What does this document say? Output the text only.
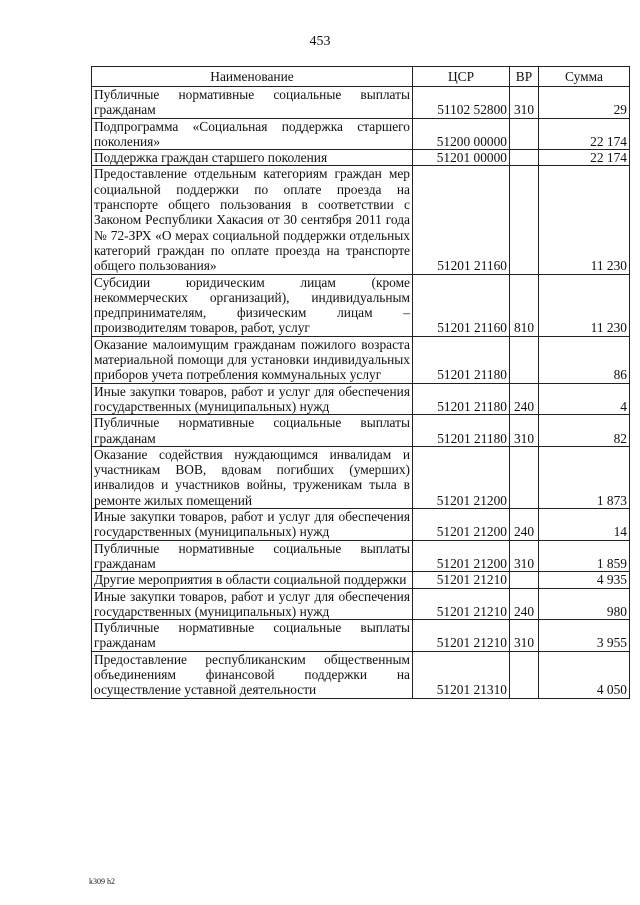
453
Наименование	ЦСР	ВР	Сумма
Публичные нормативные социальные выплаты гражданам	51102 52800	310	29
Подпрограмма «Социальная поддержка старшего поколения»	51200 00000		22 174
Поддержка граждан старшего поколения	51201 00000		22 174
Предоставление отдельным категориям граждан мер социальной поддержки по оплате проезда на транспорте общего пользования в соответствии с Законом Республики Хакасия от 30 сентября 2011 года № 72-ЗРХ «О мерах социальной поддержки отдельных категорий граждан по оплате проезда на транспорте общего пользования»	51201 21160		11 230
Субсидии юридическим лицам (кроме некоммерческих организаций), индивидуальным предпринимателям, физическим лицам – производителям товаров, работ, услуг	51201 21160	810	11 230
Оказание малоимущим гражданам пожилого возраста материальной помощи для установки индивидуальных приборов учета потребления коммунальных услуг	51201 21180		86
Иные закупки товаров, работ и услуг для обеспечения государственных (муниципальных) нужд	51201 21180	240	4
Публичные нормативные социальные выплаты гражданам	51201 21180	310	82
Оказание содействия нуждающимся инвалидам и участникам ВОВ, вдовам погибших (умерших) инвалидов и участников войны, труженикам тыла в ремонте жилых помещений	51201 21200		1 873
Иные закупки товаров, работ и услуг для обеспечения государственных (муниципальных) нужд	51201 21200	240	14
Публичные нормативные социальные выплаты гражданам	51201 21200	310	1 859
Другие мероприятия в области социальной поддержки	51201 21210		4 935
Иные закупки товаров, работ и услуг для обеспечения государственных (муниципальных) нужд	51201 21210	240	980
Публичные нормативные социальные выплаты гражданам	51201 21210	310	3 955
Предоставление республиканским общественным объединениям финансовой поддержки на осуществление уставной деятельности	51201 21310		4 050
k309 h2
